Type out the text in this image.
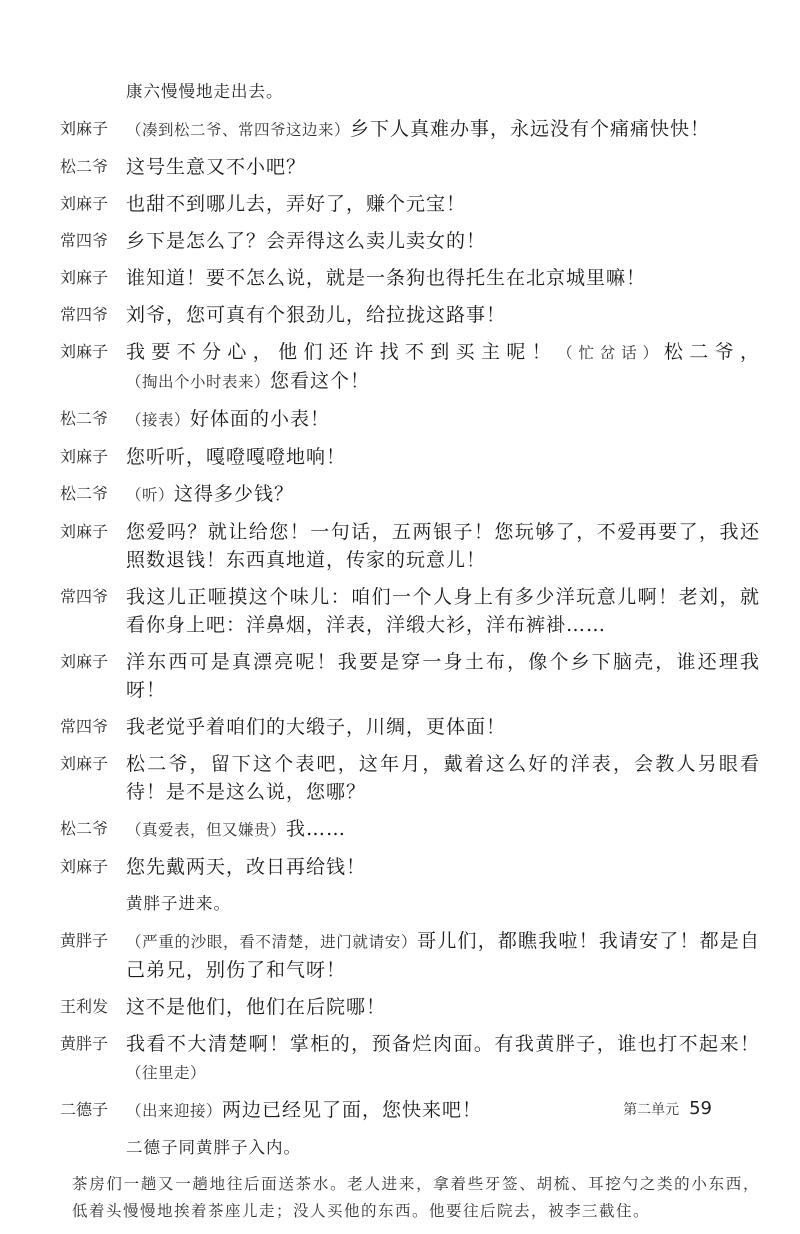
康六慢慢地走出去。
刘麻子	（凑到松二爷、常四爷这边来）乡下人真难办事，永远没有个痛痛快快！
松二爷 这号生意又不小吧？
刘麻子 也甜不到哪儿去，弄好了，赚个元宝！
常四爷 乡下是怎么了？会弄得这么卖儿卖女的！
刘麻子 谁知道！要不怎么说，就是一条狗也得托生在北京城里嘛！
常四爷 刘爷，您可真有个狠劲儿，给拉拢这路事！
刘麻子 我要不分心，他们还许找不到买主呢！（忙岔话）松二爷，（掏出个小时表来）您看这个！
松二爷	（接表）好体面的小表！
刘麻子 您听听，嘎噔嘎噔地响！
松二爷	（听）这得多少钱？
刘麻子 您爱吗？就让给您！一句话，五两银子！您玩够了，不爱再要了，我还照数退钱！东西真地道，传家的玩意儿！
常四爷 我这儿正咂摸这个味儿：咱们一个人身上有多少洋玩意儿啊！老刘，就看你身上吧：洋鼻烟，洋表，洋缎大衫，洋布裤褂……
刘麻子 洋东西可是真漂亮呢！我要是穿一身土布，像个乡下脑壳，谁还理我呀！
常四爷 我老觉乎着咱们的大缎子，川绸，更体面！
刘麻子 松二爷，留下这个表吧，这年月，戴着这么好的洋表，会教人另眼看待！是不是这么说，您哪？
松二爷	（真爱表，但又嫌贵）我……
刘麻子 您先戴两天，改日再给钱！
黄胖子进来。
黄胖子	（严重的沙眼，看不清楚，进门就请安）哥儿们，都瞧我啦！我请安了！都是自己弟兄，别伤了和气呀！
王利发 这不是他们，他们在后院哪！
黄胖子 我看不大清楚啊！掌柜的，预备烂肉面。有我黄胖子，谁也打不起来！（往里走）
二德子	（出来迎接）两边已经见了面，您快来吧！
二德子同黄胖子入内。
茶房们一趟又一趟地往后面送茶水。老人进来，拿着些牙签、胡梳、耳挖勺之类的小东西，低着头慢慢地挨着茶座儿走；没人买他的东西。他要往后院去，被李三截住。
第二单元 59
